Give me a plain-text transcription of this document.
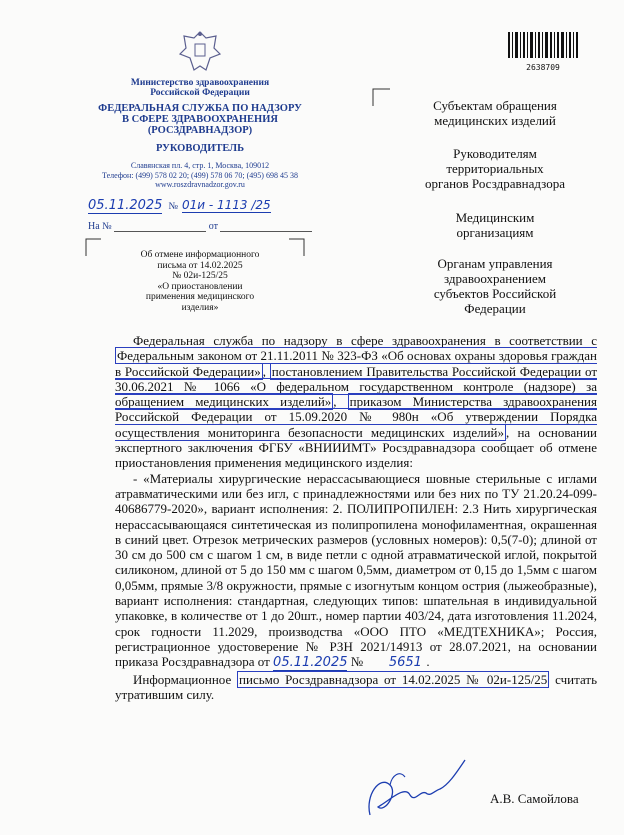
2638709
Министерство здравоохранения
Российской Федерации
ФЕДЕРАЛЬНАЯ СЛУЖБА ПО НАДЗОРУ
В СФЕРЕ ЗДРАВООХРАНЕНИЯ
(РОСЗДРАВНАДЗОР)
РУКОВОДИТЕЛЬ
Славянская пл. 4, стр. 1, Москва, 109012
Телефон: (499) 578 02 20; (499) 578 06 70; (495) 698 45 38
www.roszdravnadzor.gov.ru
05.11.2025 № 01и - 1113 /25
На №	от
Субъектам обращения
медицинских изделий
Руководителям
территориальных
органов Росздравнадзора
Медицинским
организациям
Органам управления
здравоохранением
субъектов Российской
Федерации
Об отмене информационного
письма от 14.02.2025
№ 02и-125/25
«О приостановлении
применения медицинского
изделия»

Федеральная служба по надзору в сфере здравоохранения в соответствии с Федеральным законом от 21.11.2011 № 323-ФЗ «Об основах охраны здоровья граждан в Российской Федерации» , постановлением Правительства Российской Федерации от 30.06.2021 № 1066 «О федеральном государственном контроле (надзоре) за обращением медицинских изделий» , приказом Министерства здравоохранения Российской Федерации от 15.09.2020 № 980н «Об утверждении Порядка осуществления мониторинга безопасности медицинских изделий» , на основании экспертного заключения ФГБУ «ВНИИИМТ» Росздравнадзора сообщает об отмене приостановления применения медицинского изделия:

- «Материалы хирургические нерассасывающиеся шовные стерильные с иглами атравматическими или без игл, с принадлежностями или без них по ТУ 21.20.24-099- 40686779-2020», вариант исполнения: 2. ПОЛИПРОПИЛЕН: 2.3 Нить хирургическая нерассасывающаяся синтетическая из полипропилена монофиламентная, окрашенная в синий цвет. Отрезок метрических размеров (условных номеров): 0,5(7-0); длиной от 30 см до 500 см с шагом 1 см, в виде петли с одной атравматической иглой, покрытой силиконом, длиной от 5 до 150 мм с шагом 0,5мм, диаметром от 0,15 до 1,5мм с шагом 0,05мм, прямые 3/8 окружности, прямые с изогнутым концом острия (лыжеобразные), вариант исполнения: стандартная, следующих типов: шпательная в индивидуальной упаковке, в количестве от 1 до 20шт., номер партии 403/24, дата изготовления 11.2024, срок годности 11.2029, производства «ООО ПТО «МЕДТЕХНИКА»; Россия, регистрационное удостоверение № РЗН 2021/14913 от 28.07.2021, на основании приказа Росздравнадзора от 05.11.2025 № 5651 .

Информационное письмо Росздравнадзора от 14.02.2025 № 02и-125/25 считать утратившим силу.

А.В. Самойлова
